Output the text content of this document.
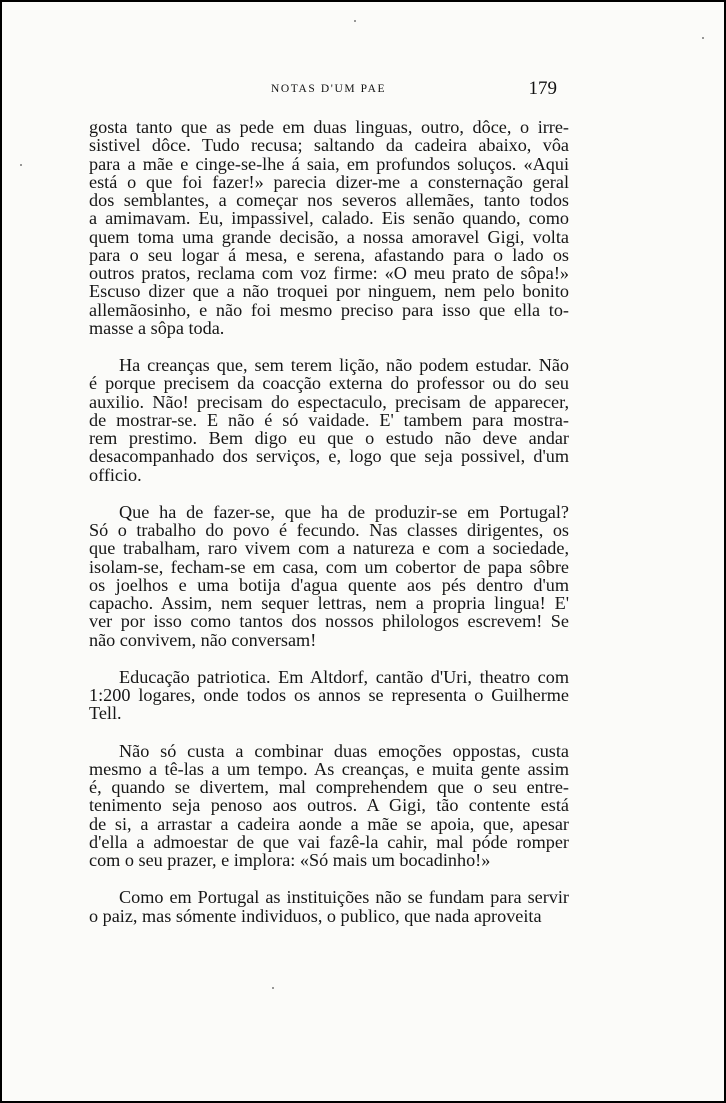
NOTAS D'UM PAE	179
gosta tanto que as pede em duas linguas, outro, dôce, o irre-
sistivel dôce. Tudo recusa; saltando da cadeira abaixo, vôa
para a mãe e cinge-se-lhe á saia, em profundos soluços. «Aqui
está o que foi fazer!» parecia dizer-me a consternação geral
dos semblantes, a começar nos severos allemães, tanto todos
a amimavam. Eu, impassivel, calado. Eis senão quando, como
quem toma uma grande decisão, a nossa amoravel Gigi, volta
para o seu logar á mesa, e serena, afastando para o lado os
outros pratos, reclama com voz firme: «O meu prato de sôpa!»
Escuso dizer que a não troquei por ninguem, nem pelo bonito
allemãosinho, e não foi mesmo preciso para isso que ella to-
masse a sôpa toda.
Ha creanças que, sem terem lição, não podem estudar. Não
é porque precisem da coacção externa do professor ou do seu
auxilio. Não! precisam do espectaculo, precisam de apparecer,
de mostrar-se. E não é só vaidade. E' tambem para mostra-
rem prestimo. Bem digo eu que o estudo não deve andar
desacompanhado dos serviços, e, logo que seja possivel, d'um
officio.
Que ha de fazer-se, que ha de produzir-se em Portugal?
Só o trabalho do povo é fecundo. Nas classes dirigentes, os
que trabalham, raro vivem com a natureza e com a sociedade,
isolam-se, fecham-se em casa, com um cobertor de papa sôbre
os joelhos e uma botija d'agua quente aos pés dentro d'um
capacho. Assim, nem sequer lettras, nem a propria lingua! E'
ver por isso como tantos dos nossos philologos escrevem! Se
não convivem, não conversam!
Educação patriotica. Em Altdorf, cantão d'Uri, theatro com
1:200 logares, onde todos os annos se representa o Guilherme
Tell.
Não só custa a combinar duas emoções oppostas, custa
mesmo a tê-las a um tempo. As creanças, e muita gente assim
é, quando se divertem, mal comprehendem que o seu entre-
tenimento seja penoso aos outros. A Gigi, tão contente está
de si, a arrastar a cadeira aonde a mãe se apoia, que, apesar
d'ella a admoestar de que vai fazê-la cahir, mal póde romper
com o seu prazer, e implora: «Só mais um bocadinho!»
Como em Portugal as instituições não se fundam para servir
o paiz, mas sómente individuos, o publico, que nada aproveita
